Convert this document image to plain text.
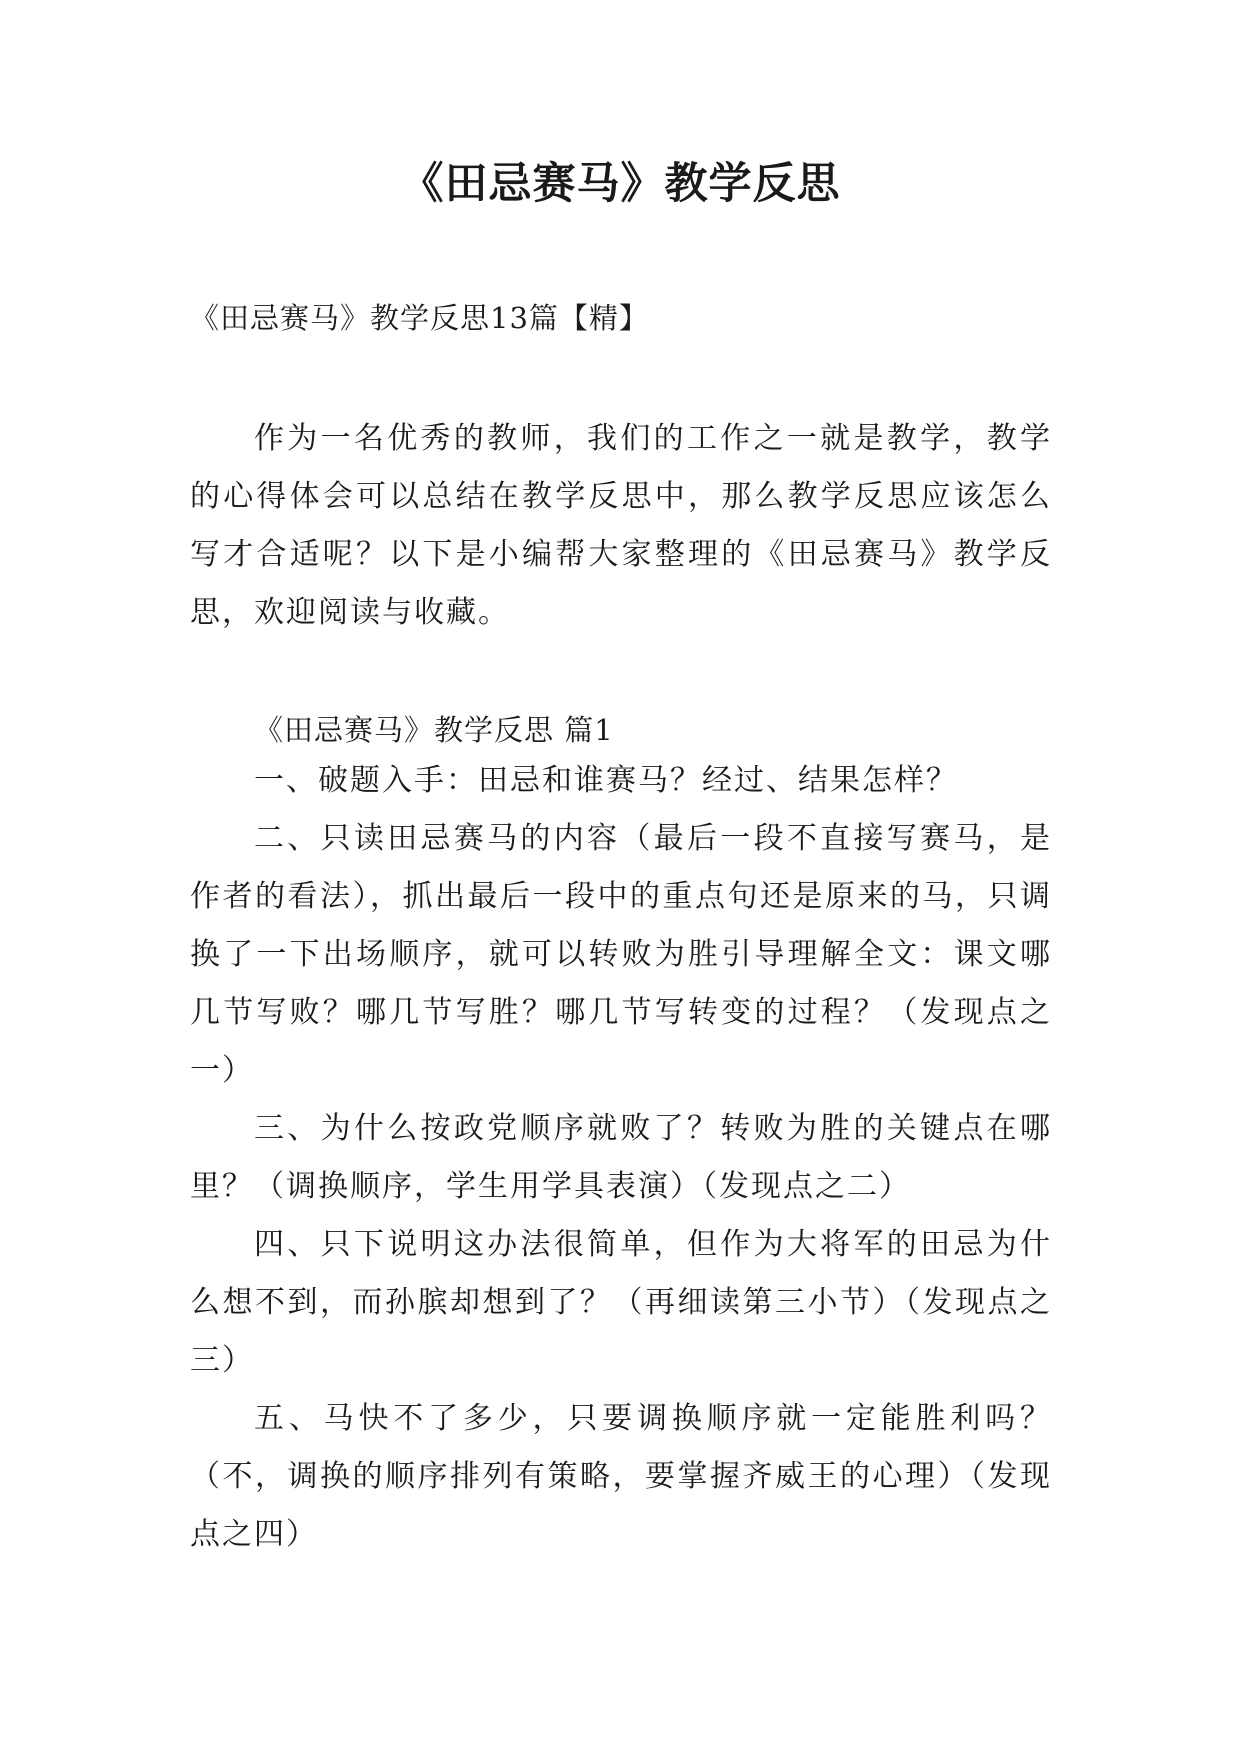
《田忌赛马》教学反思

《田忌赛马》教学反思13篇【精】

作为一名优秀的教师，我们的工作之一就是教学，教学的心得体会可以总结在教学反思中，那么教学反思应该怎么写才合适呢？以下是小编帮大家整理的《田忌赛马》教学反思，欢迎阅读与收藏。

《田忌赛马》教学反思 篇1

一、破题入手：田忌和谁赛马？经过、结果怎样？

二、只读田忌赛马的内容（最后一段不直接写赛马，是作者的看法），抓出最后一段中的重点句还是原来的马，只调换了一下出场顺序，就可以转败为胜引导理解全文：课文哪几节写败？哪几节写胜？哪几节写转变的过程？（发现点之一）

三、为什么按政党顺序就败了？转败为胜的关键点在哪里？（调换顺序，学生用学具表演）（发现点之二）

四、只下说明这办法很简单，但作为大将军的田忌为什么想不到，而孙膑却想到了？（再细读第三小节）（发现点之三）

五、马快不了多少，只要调换顺序就一定能胜利吗？（不，调换的顺序排列有策略，要掌握齐威王的心理）（发现点之四）
